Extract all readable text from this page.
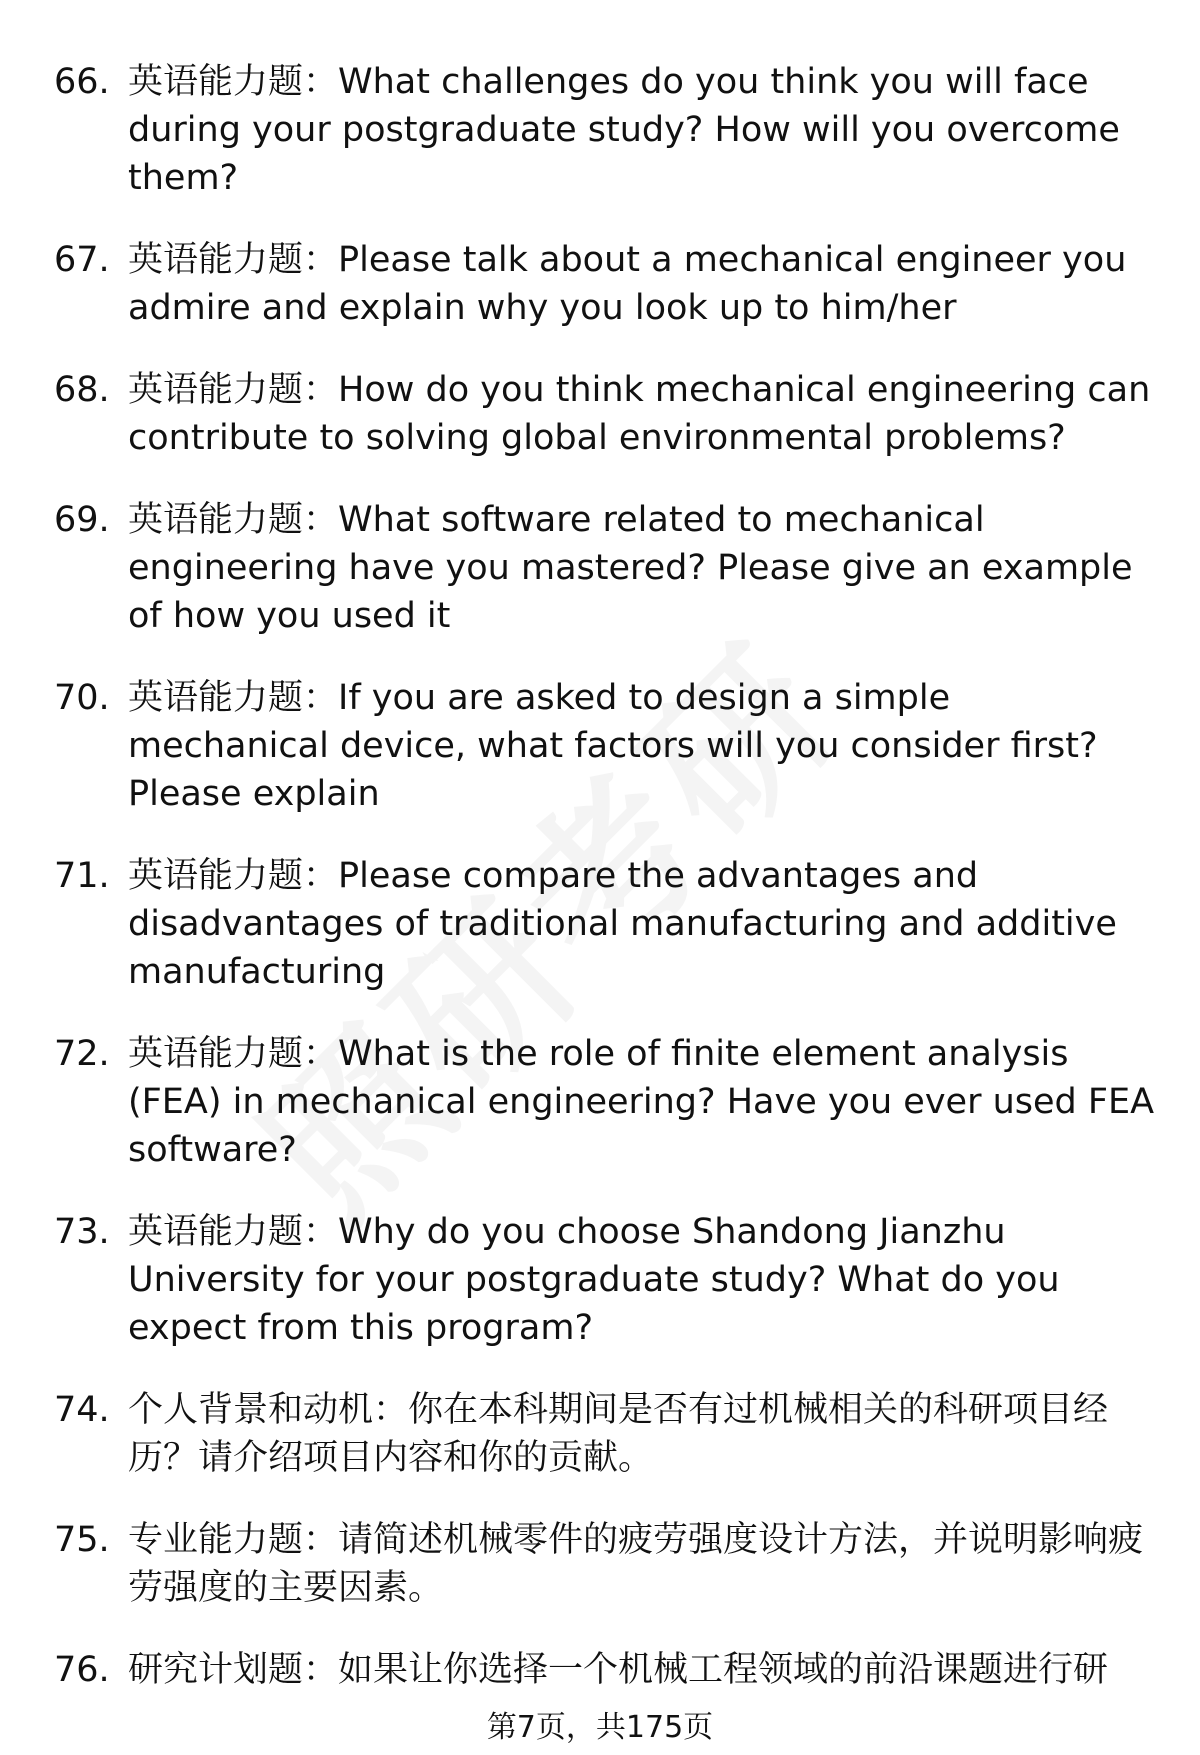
66. 英语能力题：What challenges do you think you will face during your postgraduate study? How will you overcome them?
67. 英语能力题：Please talk about a mechanical engineer you admire and explain why you look up to him/her
68. 英语能力题：How do you think mechanical engineering can contribute to solving global environmental problems?
69. 英语能力题：What software related to mechanical engineering have you mastered? Please give an example of how you used it
70. 英语能力题：If you are asked to design a simple mechanical device, what factors will you consider first? Please explain
71. 英语能力题：Please compare the advantages and disadvantages of traditional manufacturing and additive manufacturing
72. 英语能力题：What is the role of finite element analysis (FEA) in mechanical engineering? Have you ever used FEA software?
73. 英语能力题：Why do you choose Shandong Jianzhu University for your postgraduate study? What do you expect from this program?
74. 个人背景和动机：你在本科期间是否有过机械相关的科研项目经历？请介绍项目内容和你的贡献。
75. 专业能力题：请简述机械零件的疲劳强度设计方法，并说明影响疲劳强度的主要因素。
76. 研究计划题：如果让你选择一个机械工程领域的前沿课题进行研
第7页，共175页
